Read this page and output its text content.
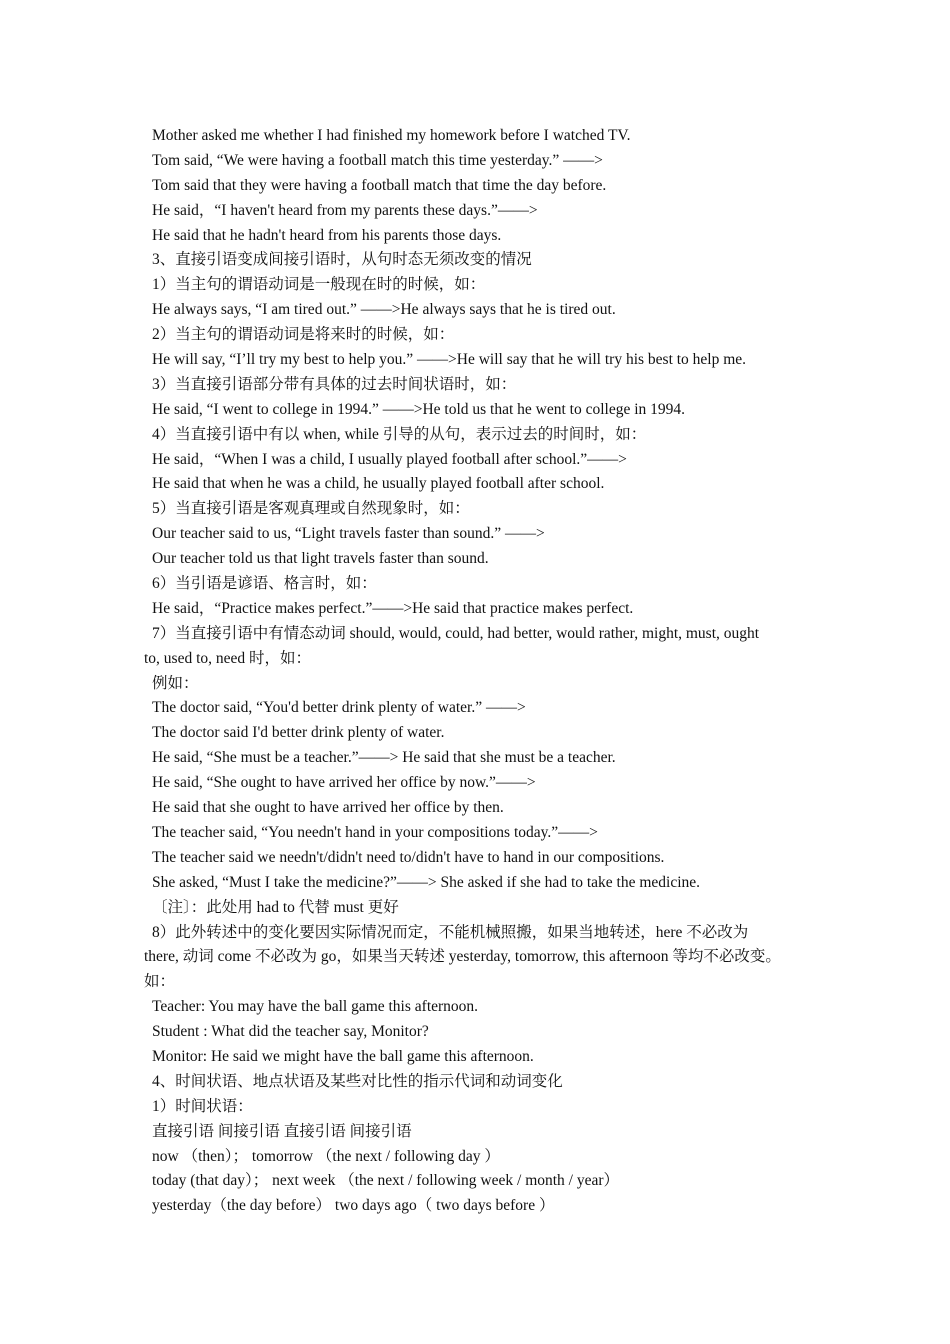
Mother asked me whether I had finished my homework before I watched TV.
Tom said, “We were having a football match this time yesterday.” ——>
Tom said that they were having a football match that time the day before.
He said，“I haven't heard from my parents these days.”——>
He said that he hadn't heard from his parents those days.
3、直接引语变成间接引语时，从句时态无须改变的情况
1）当主句的谓语动词是一般现在时的时候，如：
He always says, “I am tired out.” ——>He always says that he is tired out.
2）当主句的谓语动词是将来时的时候，如：
He will say, “I’ll try my best to help you.” ——>He will say that he will try his best to help me.
3）当直接引语部分带有具体的过去时间状语时，如：
He said, “I went to college in 1994.” ——>He told us that he went to college in 1994.
4）当直接引语中有以 when, while 引导的从句，表示过去的时间时，如：
He said，“When I was a child, I usually played football after school.”——>
He said that when he was a child, he usually played football after school.
5）当直接引语是客观真理或自然现象时，如：
Our teacher said to us, “Light travels faster than sound.” ——>
Our teacher told us that light travels faster than sound.
6）当引语是谚语、格言时，如：
He said，“Practice makes perfect.”——>He said that practice makes perfect.
7）当直接引语中有情态动词 should, would, could, had better, would rather, might, must, ought
to, used to, need 时，如：
例如：
The doctor said, “You'd better drink plenty of water.” ——>
The doctor said I'd better drink plenty of water.
He said, “She must be a teacher.”——> He said that she must be a teacher.
He said, “She ought to have arrived her office by now.”——>
He said that she ought to have arrived her office by then.
The teacher said, “You needn't hand in your compositions today.”——>
The teacher said we needn't/didn't need to/didn't have to hand in our compositions.
She asked, “Must I take the medicine?”——> She asked if she had to take the medicine.
〔注〕：此处用 had to 代替 must 更好
8）此外转述中的变化要因实际情况而定，不能机械照搬，如果当地转述，here 不必改为
there, 动词 come 不必改为 go，如果当天转述 yesterday, tomorrow, this afternoon 等均不必改变。
如：
Teacher: You may have the ball game this afternoon.
Student : What did the teacher say, Monitor?
Monitor: He said we might have the ball game this afternoon.
4、时间状语、地点状语及某些对比性的指示代词和动词变化
1）时间状语：
直接引语 间接引语 直接引语 间接引语
now （then）； tomorrow （the next / following day ）
today (that day）； next week （the next / following week / month / year）
yesterday（the day before） two days ago（ two days before ）
